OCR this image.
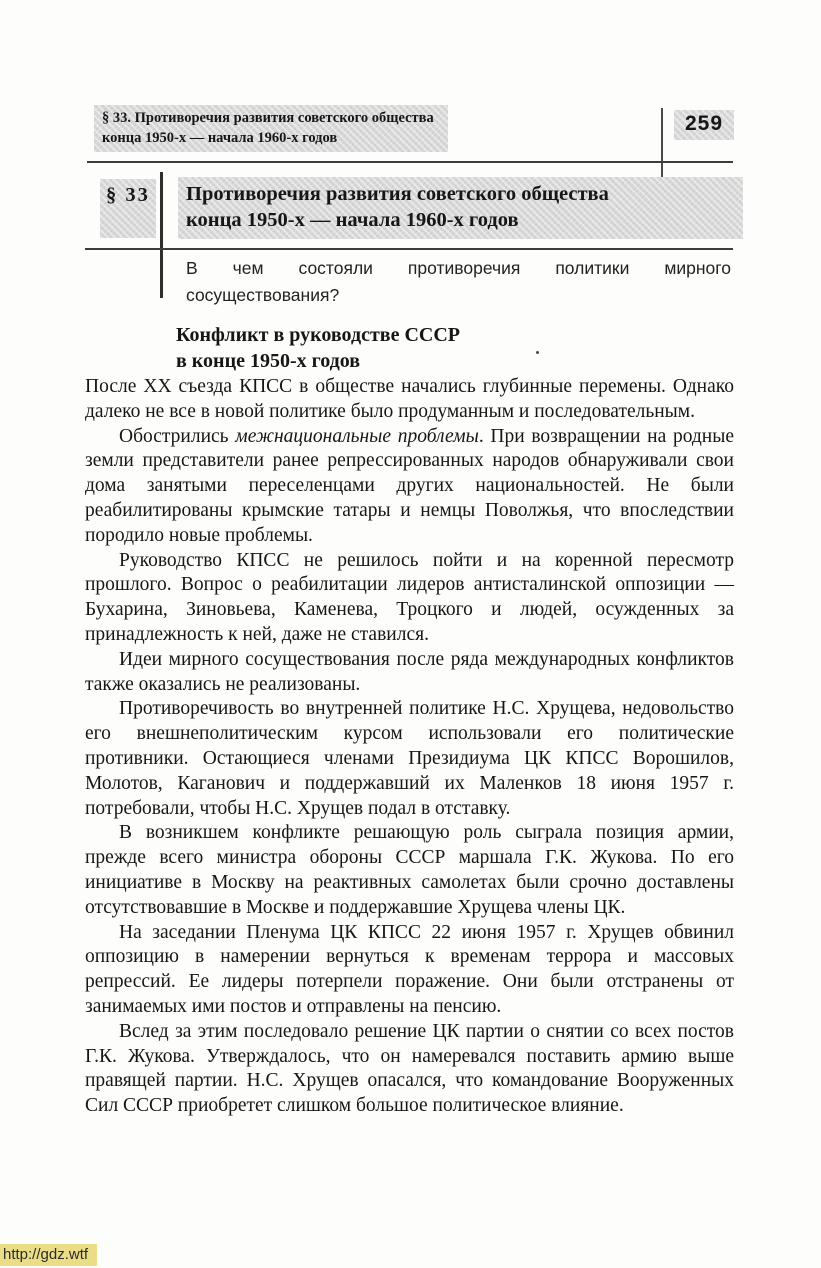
§ 33. Противоречия развития советского общества
конца 1950-х — начала 1960-х годов
259
§ 33	Противоречия развития советского общества
конца 1950-х — начала 1960-х годов
В чем состояли противоречия политики мирного сосуществования?
Конфликт в руководстве СССР
в конце 1950-х годов

После ХХ съезда КПСС в обществе начались глубинные перемены. Однако далеко не все в новой политике было продуманным и последовательным.

Обострились межнациональные проблемы. При возвращении на родные земли представители ранее репрессированных народов обнаруживали свои дома занятыми переселенцами других национальностей. Не были реабилитированы крымские татары и немцы Поволжья, что впоследствии породило новые проблемы.

Руководство КПСС не решилось пойти и на коренной пересмотр прошлого. Вопрос о реабилитации лидеров антисталинской оппозиции — Бухарина, Зиновьева, Каменева, Троцкого и людей, осужденных за принадлежность к ней, даже не ставился.

Идеи мирного сосуществования после ряда международных конфликтов также оказались не реализованы.

Противоречивость во внутренней политике Н.С. Хрущева, недовольство его внешнеполитическим курсом использовали его политические противники. Остающиеся членами Президиума ЦК КПСС Ворошилов, Молотов, Каганович и поддержавший их Маленков 18 июня 1957 г. потребовали, чтобы Н.С. Хрущев подал в отставку.

В возникшем конфликте решающую роль сыграла позиция армии, прежде всего министра обороны СССР маршала Г.К. Жукова. По его инициативе в Москву на реактивных самолетах были срочно доставлены отсутствовавшие в Москве и поддержавшие Хрущева члены ЦК.

На заседании Пленума ЦК КПСС 22 июня 1957 г. Хрущев обвинил оппозицию в намерении вернуться к временам террора и массовых репрессий. Ее лидеры потерпели поражение. Они были отстранены от занимаемых ими постов и отправлены на пенсию.

Вслед за этим последовало решение ЦК партии о снятии со всех постов Г.К. Жукова. Утверждалось, что он намеревался поставить армию выше правящей партии. Н.С. Хрущев опасался, что командование Вооруженных Сил СССР приобретет слишком большое политическое влияние.

http://gdz.wtf
